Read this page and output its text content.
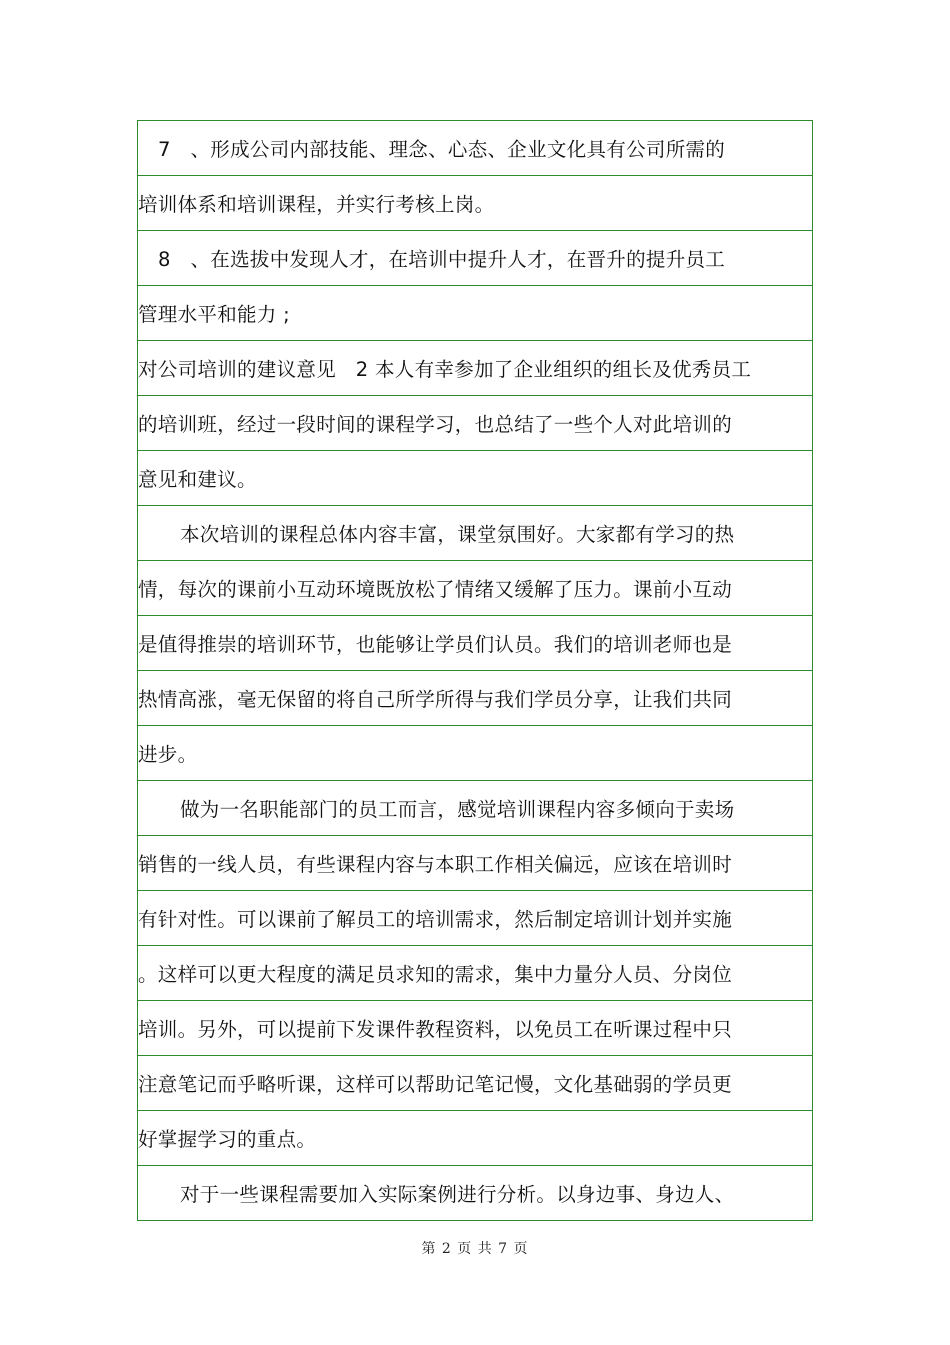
7　、形成公司内部技能、理念、心态、企业文化具有公司所需的
培训体系和培训课程，并实行考核上岗。
8　、在选拔中发现人才，在培训中提升人才，在晋升的提升员工
管理水平和能力 ;
对公司培训的建议意见　2 本人有幸参加了企业组织的组长及优秀员工
的培训班，经过一段时间的课程学习，也总结了一些个人对此培训的
意见和建议。
本次培训的课程总体内容丰富，课堂氛围好。大家都有学习的热
情，每次的课前小互动环境既放松了情绪又缓解了压力。课前小互动
是值得推崇的培训环节，也能够让学员们认员。我们的培训老师也是
热情高涨，毫无保留的将自己所学所得与我们学员分享，让我们共同
进步。
做为一名职能部门的员工而言，感觉培训课程内容多倾向于卖场
销售的一线人员，有些课程内容与本职工作相关偏远，应该在培训时
有针对性。可以课前了解员工的培训需求，然后制定培训计划并实施
。这样可以更大程度的满足员求知的需求，集中力量分人员、分岗位
培训。另外，可以提前下发课件教程资料，以免员工在听课过程中只
注意笔记而乎略听课，这样可以帮助记笔记慢，文化基础弱的学员更
好掌握学习的重点。
对于一些课程需要加入实际案例进行分析。以身边事、身边人、
第 2 页 共 7 页
